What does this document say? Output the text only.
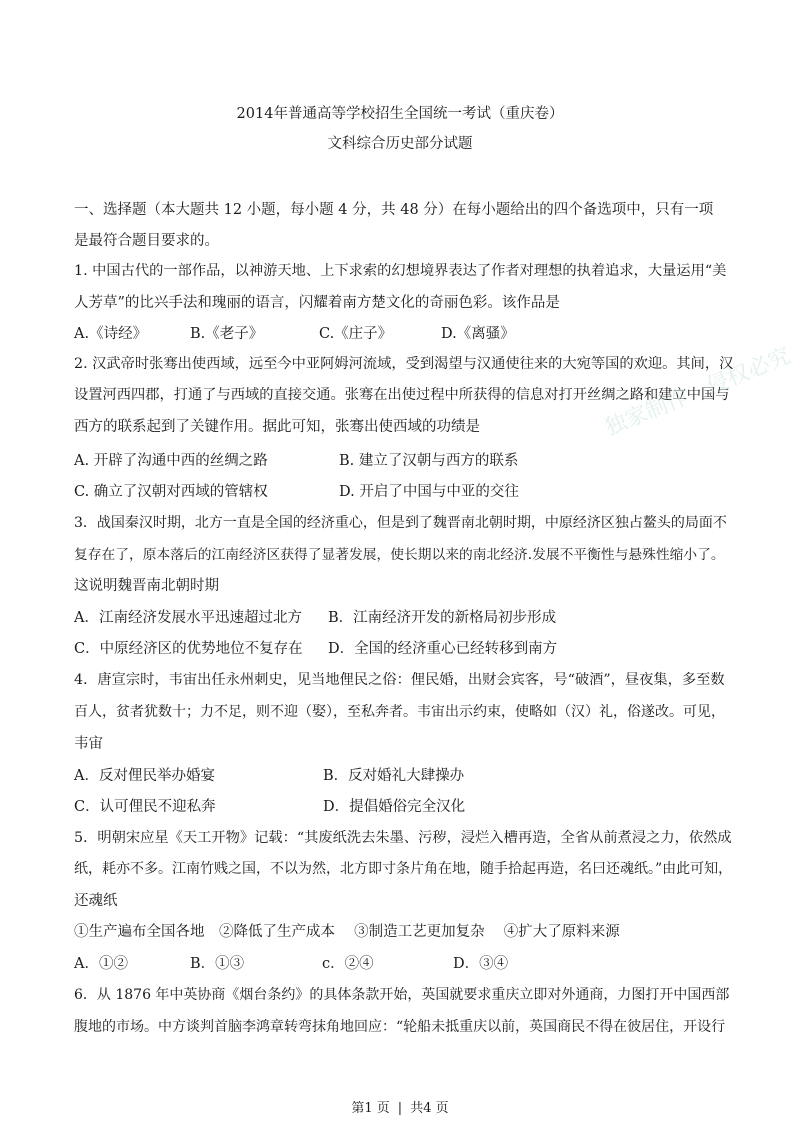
2014年普通高等学校招生全国统一考试（重庆卷）
文科综合历史部分试题
一、选择题（本大题共 12 小题，每小题 4 分，共 48 分）在每小题给出的四个备选项中，只有一项
是最符合题目要求的。
1. 中国古代的一部作品，以神游天地、上下求索的幻想境界表达了作者对理想的执着追求，大量运用“美
人芳草”的比兴手法和瑰丽的语言，闪耀着南方楚文化的奇丽色彩。该作品是
A.《诗经》	B.《老子》	C.《庄子》	D.《离骚》
2. 汉武帝时张骞出使西域，远至今中亚阿姆河流域，受到渴望与汉通使往来的大宛等国的欢迎。其间，汉
设置河西四郡，打通了与西域的直接交通。张骞在出使过程中所获得的信息对打开丝绸之路和建立中国与
西方的联系起到了关键作用。据此可知，张骞出使西域的功绩是
A. 开辟了沟通中西的丝绸之路	B. 建立了汉朝与西方的联系
C. 确立了汉朝对西域的管辖权	D. 开启了中国与中亚的交往
3．战国秦汉时期，北方一直是全国的经济重心，但是到了魏晋南北朝时期，中原经济区独占鳌头的局面不
复存在了，原本落后的江南经济区获得了显著发展，使长期以来的南北经济.发展不平衡性与悬殊性缩小了。
这说明魏晋南北朝时期
A．江南经济发展水平迅速超过北方 B．江南经济开发的新格局初步形成
C．中原经济区的优势地位不复存在 D．全国的经济重心已经转移到南方
4．唐宣宗时，韦宙出任永州刺史，见当地俚民之俗：俚民婚，出财会宾客，号“破酒”，昼夜集，多至数
百人，贫者犹数十；力不足，则不迎（娶），至私奔者。韦宙出示约束，使略如（汉）礼，俗遂改。可见，
韦宙
A．反对俚民举办婚宴	B．反对婚礼大肆操办
C．认可俚民不迎私奔	D．提倡婚俗完全汉化
5．明朝宋应星《天工开物》记载：“其废纸洗去朱墨、污秽，浸烂入槽再造，全省从前煮浸之力，依然成
纸，耗亦不多。江南竹贱之国，不以为然，北方即寸条片角在地，随手拾起再造，名曰还魂纸。”由此可知，
还魂纸
①生产遍布全国各地　②降低了生产成本　 ③制造工艺更加复杂　 ④扩大了原料来源
A．①②	B．①③	c．②④	D．③④
6．从 1876 年中英协商《烟台条约》的具体条款开始，英国就要求重庆立即对外通商，力图打开中国西部
腹地的市场。中方谈判首脑李鸿章转弯抹角地回应：“轮船未抵重庆以前，英国商民不得在彼居住，开设行
独家制作　侵权必究
第1 页 | 共4 页
